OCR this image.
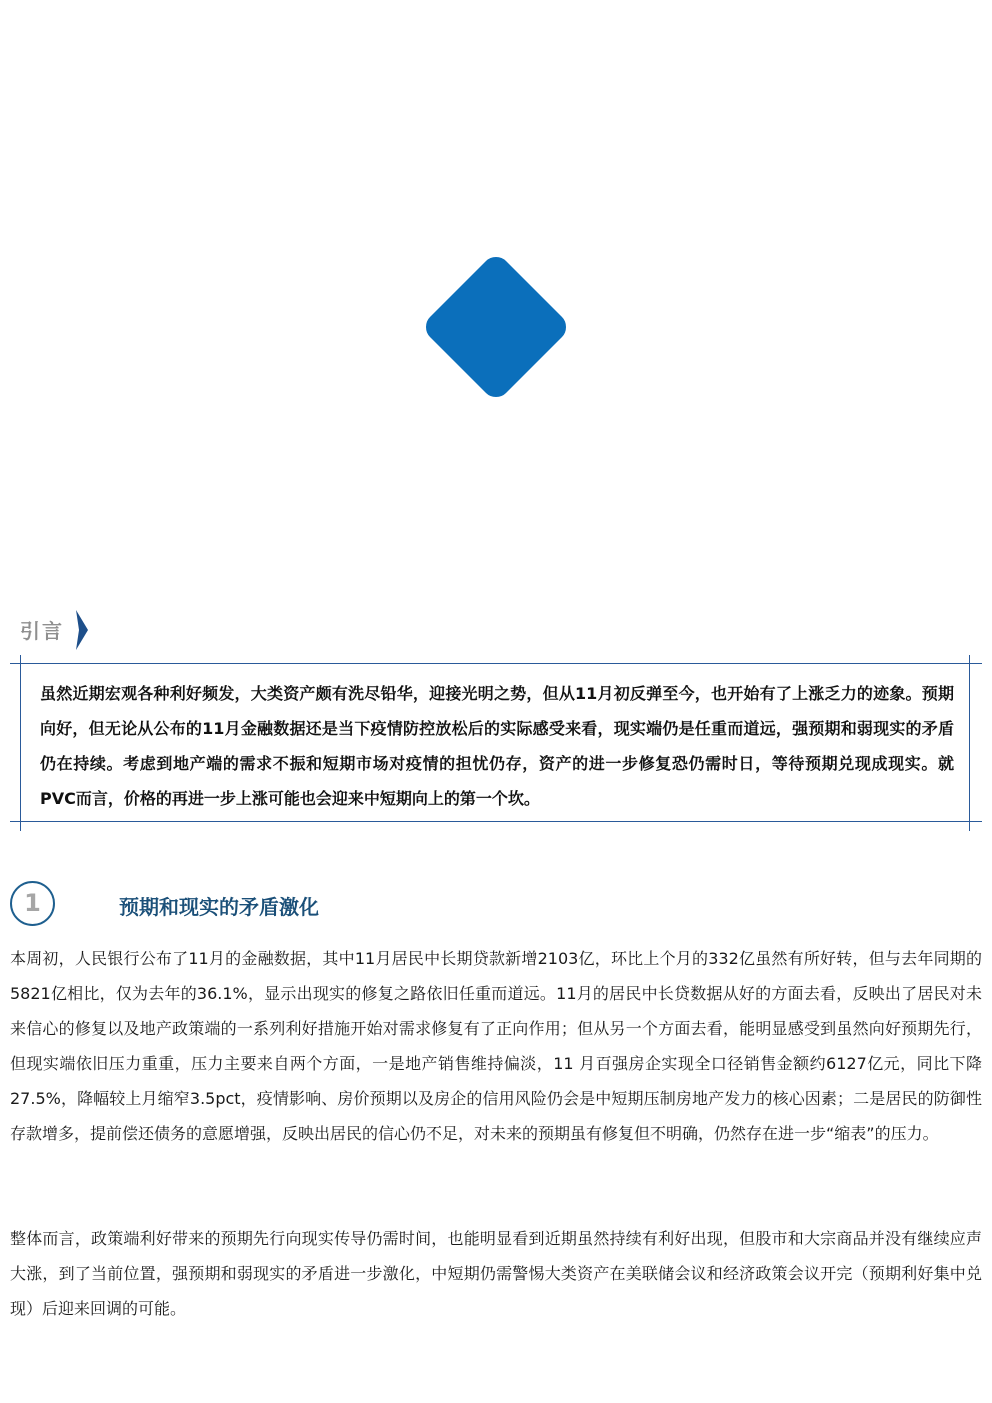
引言
虽然近期宏观各种利好频发，大类资产颇有洗尽铅华，迎接光明之势，但从11月初反弹至今，也开始有了上涨乏力的迹象。预期向好，但无论从公布的11月金融数据还是当下疫情防控放松后的实际感受来看，现实端仍是任重而道远，强预期和弱现实的矛盾仍在持续。考虑到地产端的需求不振和短期市场对疫情的担忧仍存，资产的进一步修复恐仍需时日，等待预期兑现成现实。就PVC而言，价格的再进一步上涨可能也会迎来中短期向上的第一个坎。
1	预期和现实的矛盾激化
本周初，人民银行公布了11月的金融数据，其中11月居民中长期贷款新增2103亿，环比上个月的332亿虽然有所好转，但与去年同期的5821亿相比，仅为去年的36.1%，显示出现实的修复之路依旧任重而道远。11月的居民中长贷数据从好的方面去看，反映出了居民对未来信心的修复以及地产政策端的一系列利好措施开始对需求修复有了正向作用；但从另一个方面去看，能明显感受到虽然向好预期先行，但现实端依旧压力重重，压力主要来自两个方面，一是地产销售维持偏淡，11 月百强房企实现全口径销售金额约6127亿元，同比下降27.5%，降幅较上月缩窄3.5pct，疫情影响、房价预期以及房企的信用风险仍会是中短期压制房地产发力的核心因素；二是居民的防御性存款增多，提前偿还债务的意愿增强，反映出居民的信心仍不足，对未来的预期虽有修复但不明确，仍然存在进一步“缩表”的压力。
整体而言，政策端利好带来的预期先行向现实传导仍需时间，也能明显看到近期虽然持续有利好出现，但股市和大宗商品并没有继续应声大涨，到了当前位置，强预期和弱现实的矛盾进一步激化，中短期仍需警惕大类资产在美联储会议和经济政策会议开完（预期利好集中兑现）后迎来回调的可能。
